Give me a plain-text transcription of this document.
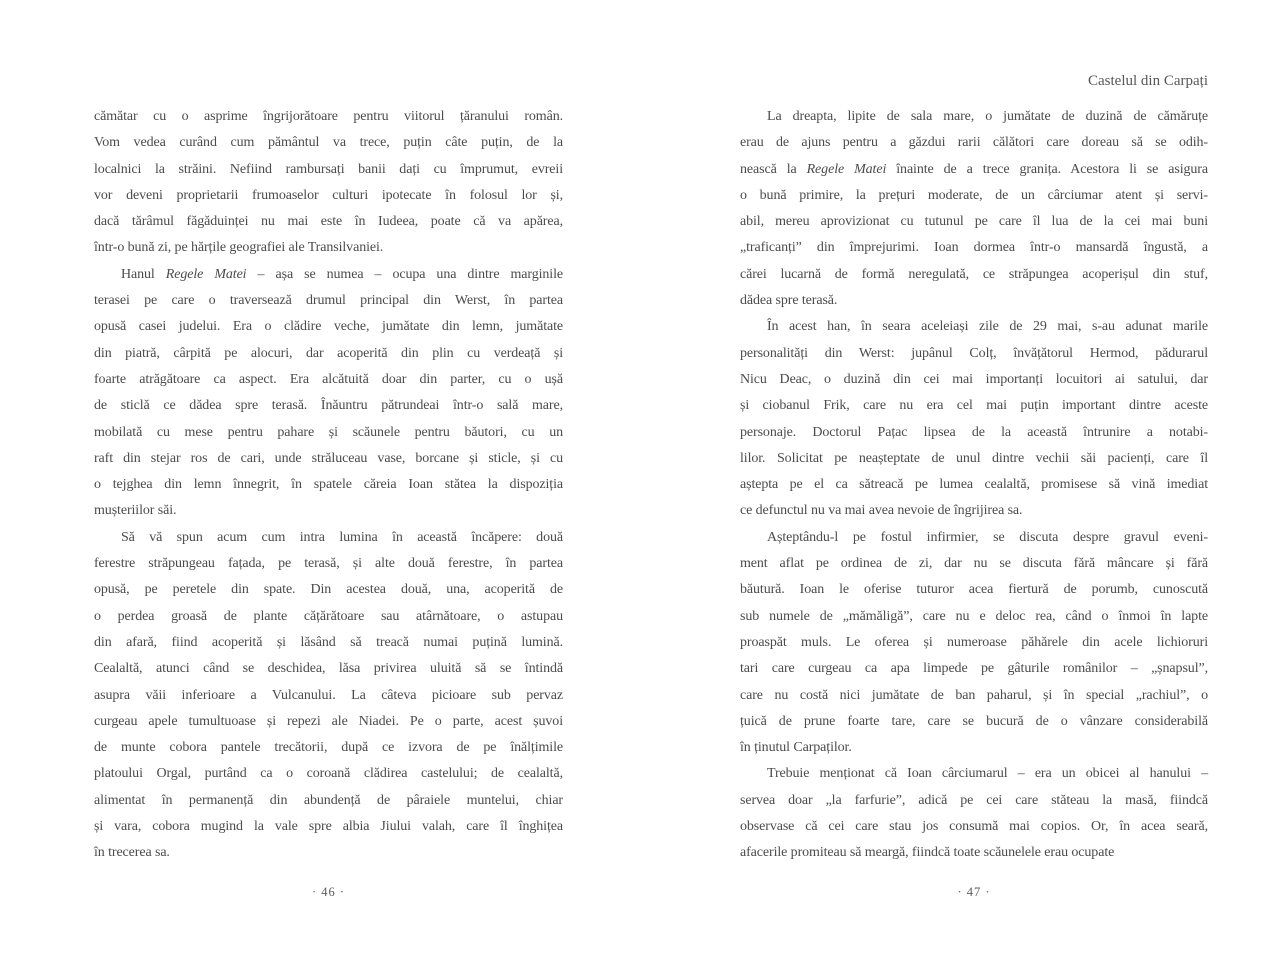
cămătar cu o asprime îngrijorătoare pentru viitorul țăranului român.
Vom vedea curând cum pământul va trece, puțin câte puțin, de la
localnici la străini. Nefiind rambursați banii dați cu împrumut, evreii
vor deveni proprietarii frumoaselor culturi ipotecate în folosul lor și,
dacă tărâmul făgăduinței nu mai este în Iudeea, poate că va apărea,
într-o bună zi, pe hărțile geografiei ale Transilvaniei.
Hanul Regele Matei – așa se numea – ocupa una dintre marginile
terasei pe care o traversează drumul principal din Werst, în partea
opusă casei judelui. Era o clădire veche, jumătate din lemn, jumătate
din piatră, cârpită pe alocuri, dar acoperită din plin cu verdeață și
foarte atrăgătoare ca aspect. Era alcătuită doar din parter, cu o ușă
de sticlă ce dădea spre terasă. Înăuntru pătrundeai într-o sală mare,
mobilată cu mese pentru pahare și scăunele pentru băutori, cu un
raft din stejar ros de cari, unde străluceau vase, borcane și sticle, și cu
o tejghea din lemn înnegrit, în spatele căreia Ioan stătea la dispoziția
mușteriilor săi.
Să vă spun acum cum intra lumina în această încăpere: două
ferestre străpungeau fațada, pe terasă, și alte două ferestre, în partea
opusă, pe peretele din spate. Din acestea două, una, acoperită de
o perdea groasă de plante cățărătoare sau atârnătoare, o astupau
din afară, fiind acoperită și lăsând să treacă numai puțină lumină.
Cealaltă, atunci când se deschidea, lăsa privirea uluită să se întindă
asupra văii inferioare a Vulcanului. La câteva picioare sub pervaz
curgeau apele tumultuoase și repezi ale Niadei. Pe o parte, acest șuvoi
de munte cobora pantele trecătorii, după ce izvora de pe înălțimile
platoului Orgal, purtând ca o coroană clădirea castelului; de cealaltă,
alimentat în permanență din abundență de pâraiele muntelui, chiar
și vara, cobora mugind la vale spre albia Jiului valah, care îl înghițea
în trecerea sa.
· 46 ·
Castelul din Carpați
La dreapta, lipite de sala mare, o jumătate de duzină de cămăruțe
erau de ajuns pentru a găzdui rarii călători care doreau să se odih-
nească la Regele Matei înainte de a trece granița. Acestora li se asigura
o bună primire, la prețuri moderate, de un cârciumar atent și servi-
abil, mereu aprovizionat cu tutunul pe care îl lua de la cei mai buni
„traficanți” din împrejurimi. Ioan dormea într-o mansardă îngustă, a
cărei lucarnă de formă neregulată, ce străpungea acoperișul din stuf,
dădea spre terasă.
În acest han, în seara aceleiași zile de 29 mai, s-au adunat marile
personalități din Werst: jupânul Colț, învățătorul Hermod, pădurarul
Nicu Deac, o duzină din cei mai importanți locuitori ai satului, dar
și ciobanul Frik, care nu era cel mai puțin important dintre aceste
personaje. Doctorul Pațac lipsea de la această întrunire a notabi-
lilor. Solicitat pe neașteptate de unul dintre vechii săi pacienți, care îl
aștepta pe el ca sătreacă pe lumea cealaltă, promisese să vină imediat
ce defunctul nu va mai avea nevoie de îngrijirea sa.
Așteptându-l pe fostul infirmier, se discuta despre gravul eveni-
ment aflat pe ordinea de zi, dar nu se discuta fără mâncare și fără
băutură. Ioan le oferise tuturor acea fiertură de porumb, cunoscută
sub numele de „mămăligă”, care nu e deloc rea, când o înmoi în lapte
proaspăt muls. Le oferea și numeroase păhărele din acele lichioruri
tari care curgeau ca apa limpede pe gâturile românilor – „șnapsul”,
care nu costă nici jumătate de ban paharul, și în special „rachiul”, o
țuică de prune foarte tare, care se bucură de o vânzare considerabilă
în ținutul Carpaților.
Trebuie menționat că Ioan cârciumarul – era un obicei al hanului –
servea doar „la farfurie”, adică pe cei care stăteau la masă, fiindcă
observase că cei care stau jos consumă mai copios. Or, în acea seară,
afacerile promiteau să meargă, fiindcă toate scăunelele erau ocupate
· 47 ·
